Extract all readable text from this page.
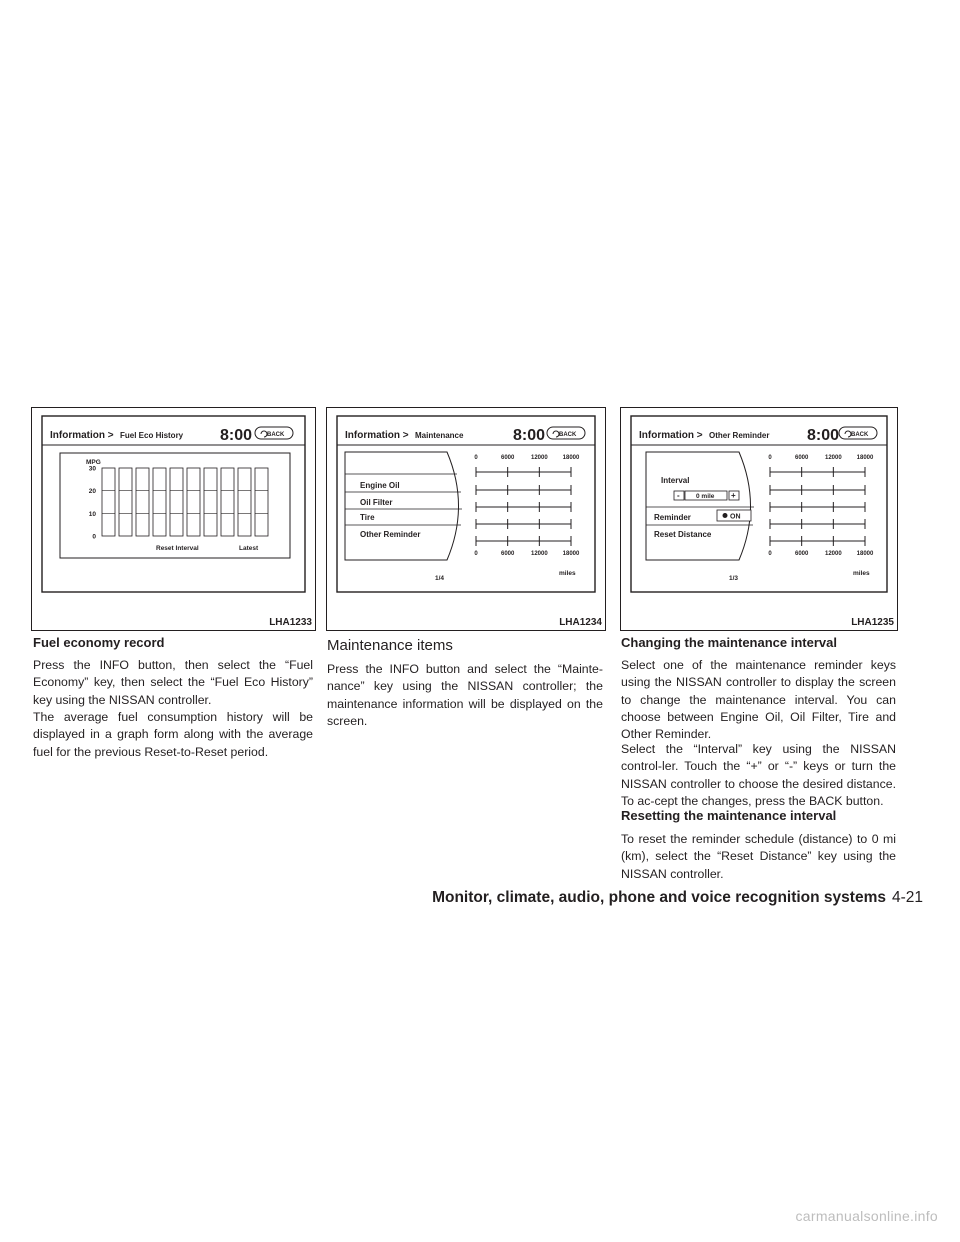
Information > Fuel Eco History 8:00 BACK
MPG
30
20
10
0
Reset Interval	Latest
LHA1233
Information > Maintenance	8:00 BACK
Engine Oil
Oil Filter
Tire
Other Reminder
0
0
6000
6000
12000
12000
18000
18000
miles
1/4
LHA1234
Information > Other Reminder 8:00 BACK
Interval
-	0 mile +
Reminder	ON
Reset Distance
0
0
6000
6000
12000
12000
18000
18000
miles
1/3
LHA1235
Fuel economy record
Press the INFO button, then select the “Fuel Economy” key, then select the “Fuel Eco History” key using the NISSAN controller.
The average fuel consumption history will be displayed in a graph form along with the average fuel for the previous Reset-to-Reset period.
Maintenance items
Press the INFO button and select the “Mainte-nance” key using the NISSAN controller; the maintenance information will be displayed on the screen.
Changing the maintenance interval
Select one of the maintenance reminder keys using the NISSAN controller to display the screen to change the maintenance interval. You can choose between Engine Oil, Oil Filter, Tire and Other Reminder.
Select the “Interval” key using the NISSAN control-ler. Touch the “+” or “-” keys or turn the NISSAN controller to choose the desired distance. To ac-cept the changes, press the BACK button.
Resetting the maintenance interval
To reset the reminder schedule (distance) to 0 mi (km), select the “Reset Distance” key using the NISSAN controller.
Monitor, climate, audio, phone and voice recognition systems 4-21
carmanualsonline.info
